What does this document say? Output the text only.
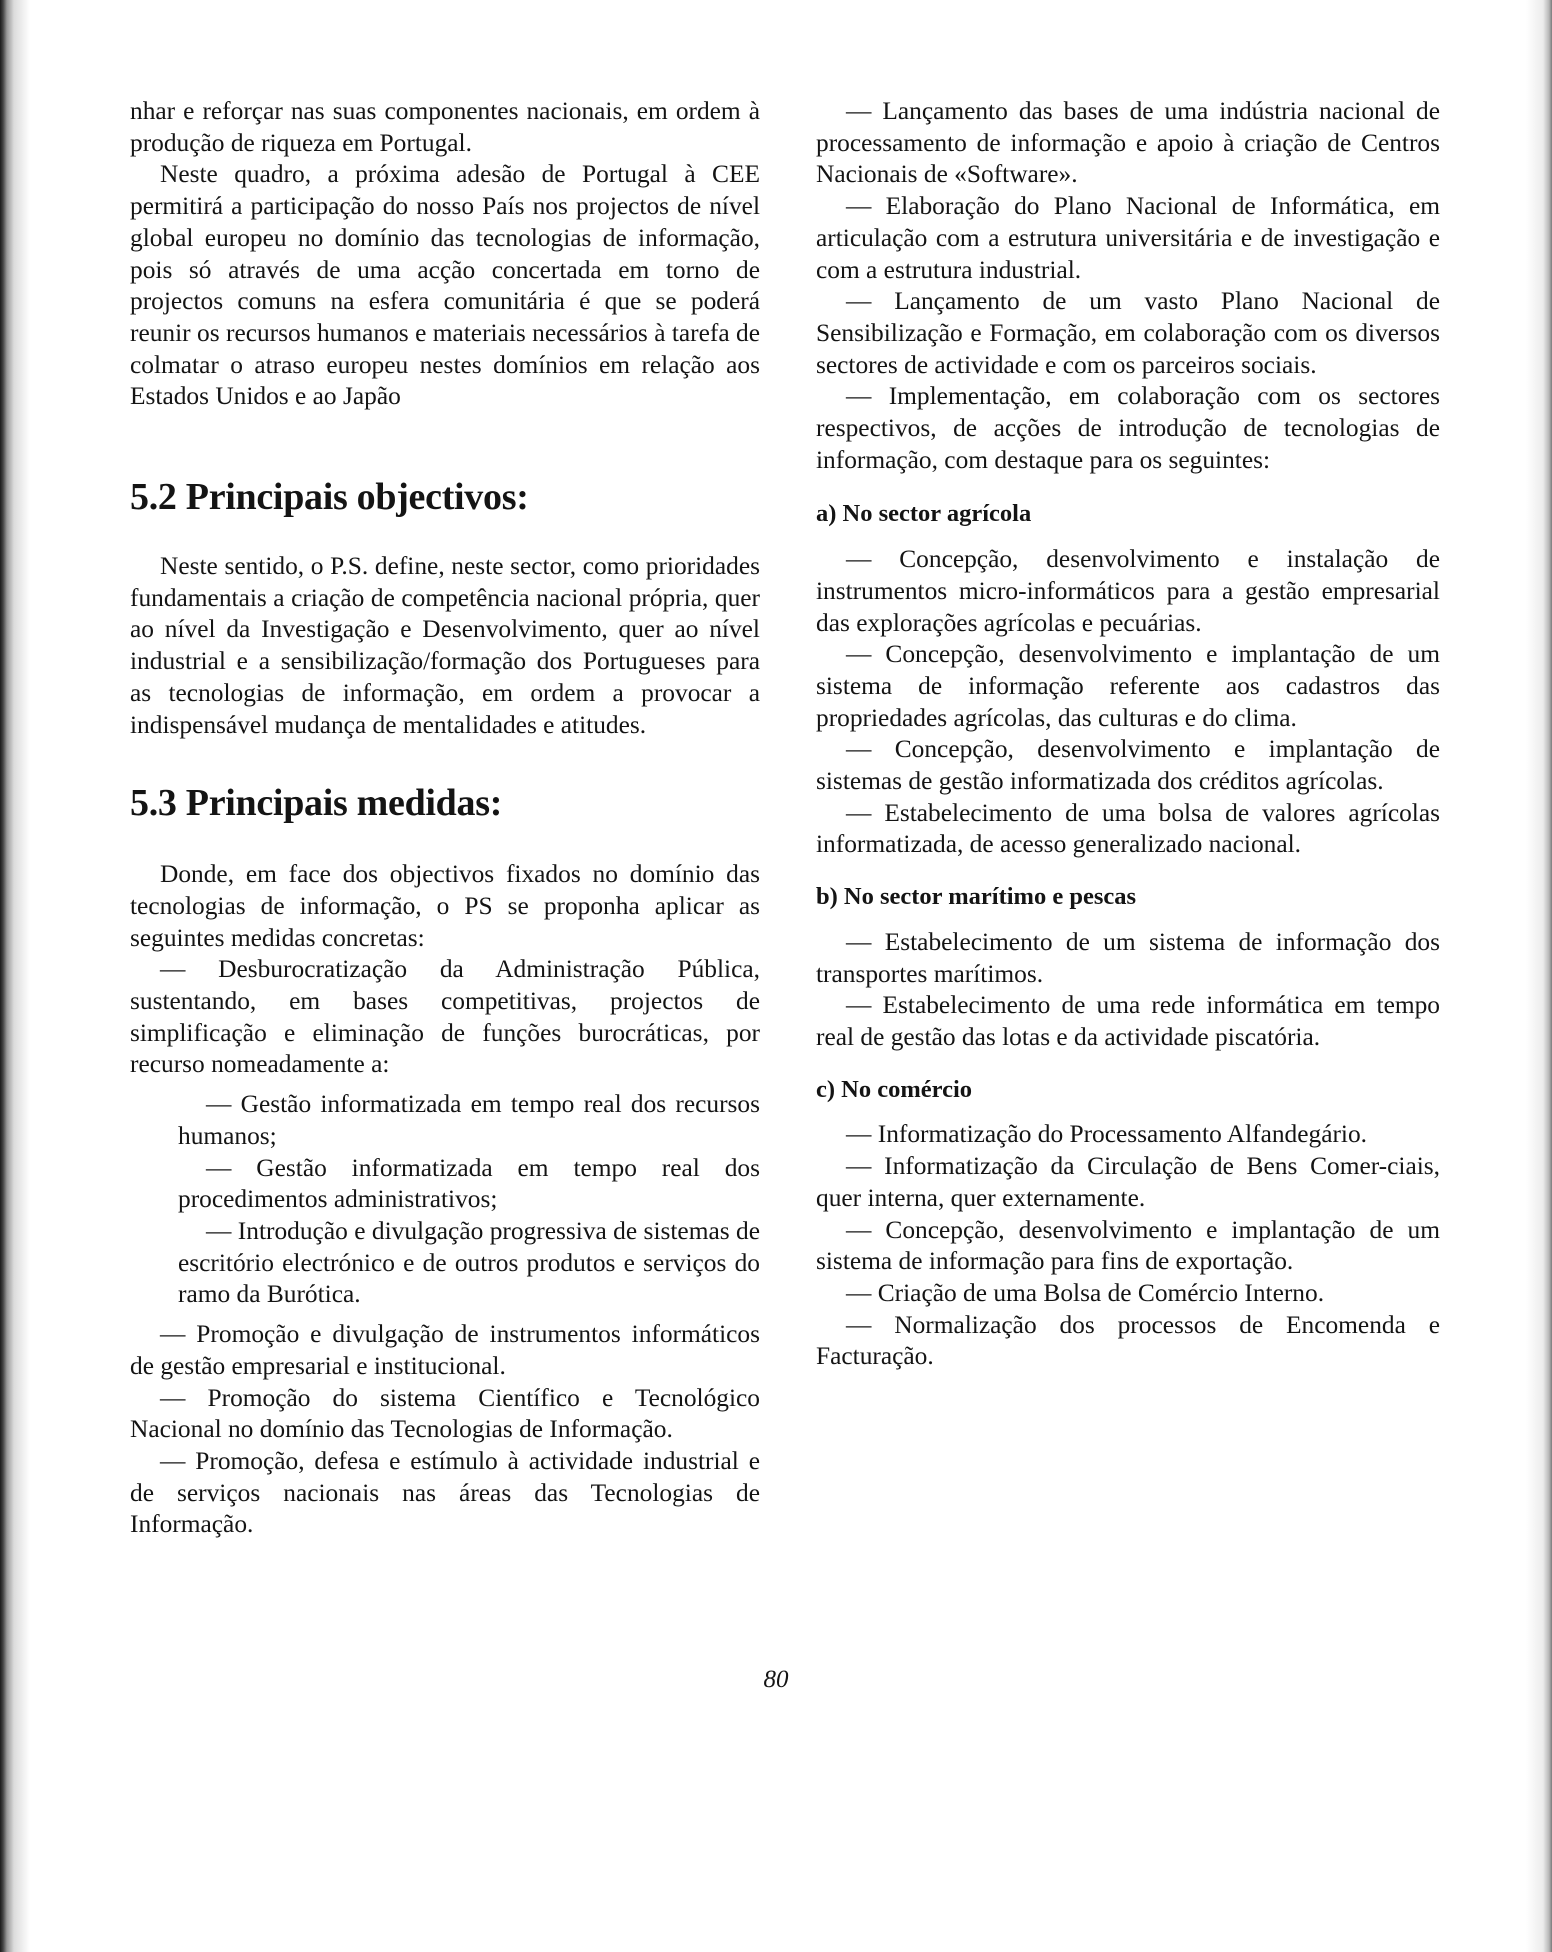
nhar e reforçar nas suas componentes nacionais, em ordem à produção de riqueza em Portugal.

Neste quadro, a próxima adesão de Portugal à CEE permitirá a participação do nosso País nos projectos de nível global europeu no domínio das tecnologias de informação, pois só através de uma acção concertada em torno de projectos comuns na esfera comunitária é que se poderá reunir os recursos humanos e materiais necessários à tarefa de colmatar o atraso europeu nestes domínios em relação aos Estados Unidos e ao Japão

5.2 Principais objectivos:

Neste sentido, o P.S. define, neste sector, como prioridades fundamentais a criação de competência nacional própria, quer ao nível da Investigação e Desenvolvimento, quer ao nível industrial e a sensibilização/formação dos Portugueses para as tecnologias de informação, em ordem a provocar a indispensável mudança de mentalidades e atitudes.

5.3 Principais medidas:

Donde, em face dos objectivos fixados no domínio das tecnologias de informação, o PS se proponha aplicar as seguintes medidas concretas:

— Desburocratização da Administração Pública, sustentando, em bases competitivas, projectos de simplificação e eliminação de funções burocráticas, por recurso nomeadamente a:

— Gestão informatizada em tempo real dos recursos humanos;

— Gestão informatizada em tempo real dos procedimentos administrativos;

— Introdução e divulgação progressiva de sistemas de escritório electrónico e de outros produtos e serviços do ramo da Burótica.

— Promoção e divulgação de instrumentos informáticos de gestão empresarial e institucional.

— Promoção do sistema Científico e Tecnológico Nacional no domínio das Tecnologias de Informação.

— Promoção, defesa e estímulo à actividade industrial e de serviços nacionais nas áreas das Tecnologias de Informação.

— Lançamento das bases de uma indústria nacional de processamento de informação e apoio à criação de Centros Nacionais de «Software».

— Elaboração do Plano Nacional de Informática, em articulação com a estrutura universitária e de investigação e com a estrutura industrial.

— Lançamento de um vasto Plano Nacional de Sensibilização e Formação, em colaboração com os diversos sectores de actividade e com os parceiros sociais.

— Implementação, em colaboração com os sectores respectivos, de acções de introdução de tecnologias de informação, com destaque para os seguintes:

a) No sector agrícola

— Concepção, desenvolvimento e instalação de instrumentos micro-informáticos para a gestão empresarial das explorações agrícolas e pecuárias.

— Concepção, desenvolvimento e implantação de um sistema de informação referente aos cadastros das propriedades agrícolas, das culturas e do clima.

— Concepção, desenvolvimento e implantação de sistemas de gestão informatizada dos créditos agrícolas.

— Estabelecimento de uma bolsa de valores agrícolas informatizada, de acesso generalizado nacional.

b) No sector marítimo e pescas

— Estabelecimento de um sistema de informação dos transportes marítimos.

— Estabelecimento de uma rede informática em tempo real de gestão das lotas e da actividade piscatória.

c) No comércio

— Informatização do Processamento Alfandegário.

— Informatização da Circulação de Bens Comer-ciais, quer interna, quer externamente.

— Concepção, desenvolvimento e implantação de um sistema de informação para fins de exportação.

— Criação de uma Bolsa de Comércio Interno.

— Normalização dos processos de Encomenda e Facturação.

80
